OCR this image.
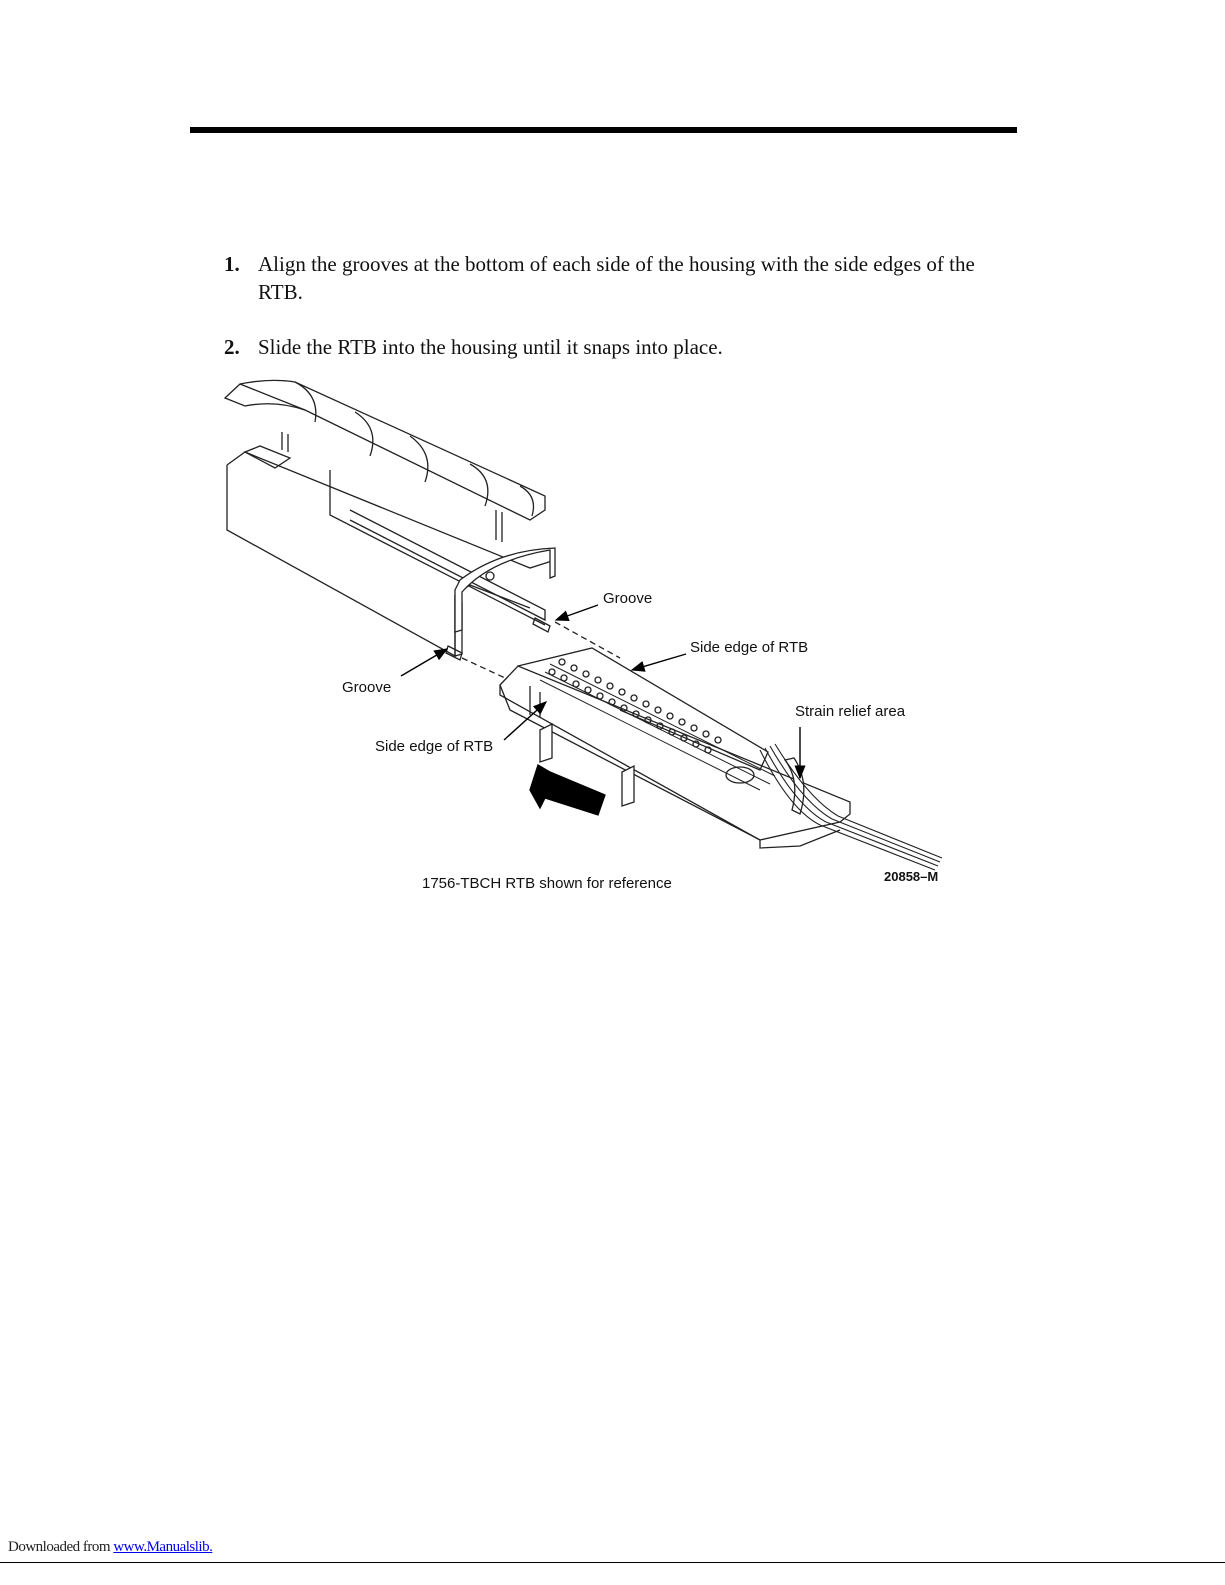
1. Align the grooves at the bottom of each side of the housing with the side edges of the RTB.
2. Slide the RTB into the housing until it snaps into place.
Groove
Side edge of RTB
Groove
Strain relief area
Side edge of RTB
1756-TBCH RTB shown for reference	20858–M
Downloaded from www.Manualslib.
